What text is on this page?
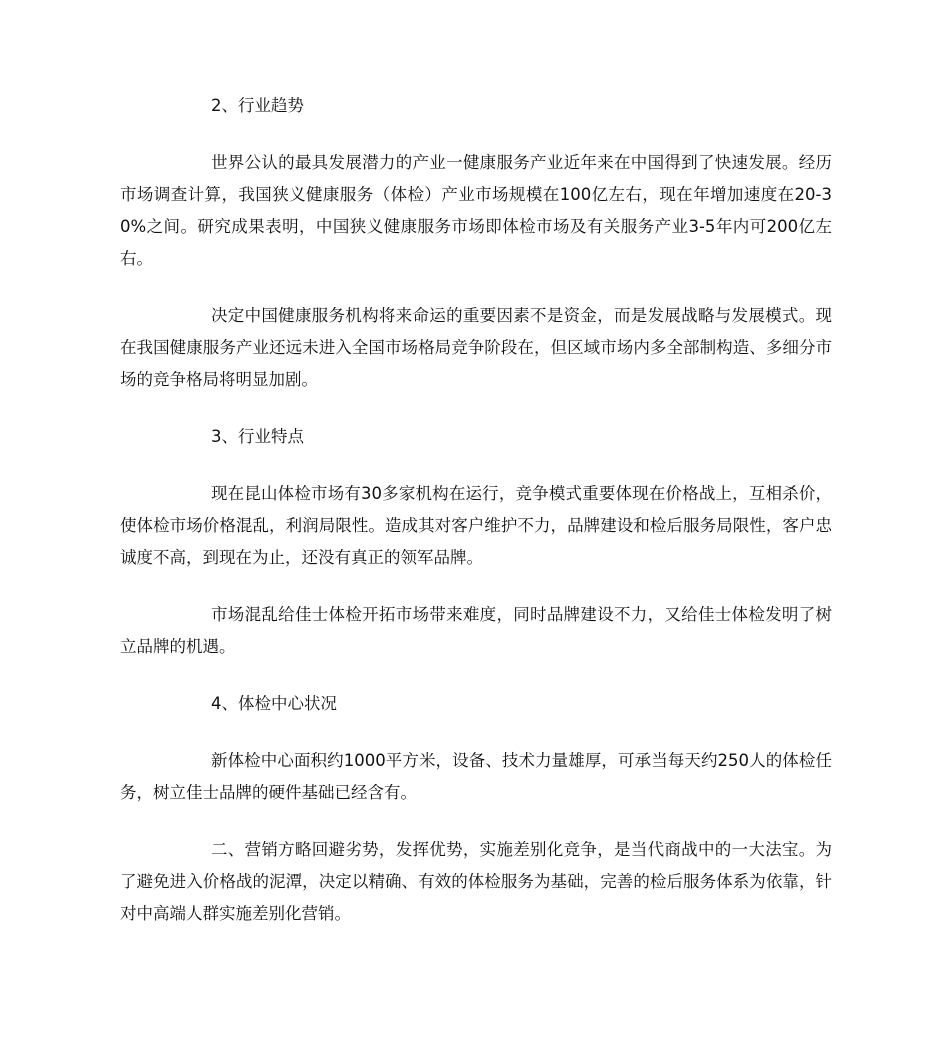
2、行业趋势

世界公认的最具发展潜力的产业一健康服务产业近年来在中国得到了快速发展。经历市场调查计算，我国狭义健康服务（体检）产业市场规模在100亿左右，现在年增加速度在20-30%之间。研究成果表明，中国狭义健康服务市场即体检市场及有关服务产业3-5年内可200亿左右。

决定中国健康服务机构将来命运的重要因素不是资金，而是发展战略与发展模式。现在我国健康服务产业还远未进入全国市场格局竞争阶段在，但区域市场内多全部制构造、多细分市场的竞争格局将明显加剧。

3、行业特点

现在昆山体检市场有30多家机构在运行，竞争模式重要体现在价格战上，互相杀价，使体检市场价格混乱，利润局限性。造成其对客户维护不力，品牌建设和检后服务局限性，客户忠诚度不高，到现在为止，还没有真正的领军品牌。

市场混乱给佳士体检开拓市场带来难度，同时品牌建设不力，又给佳士体检发明了树立品牌的机遇。

4、体检中心状况

新体检中心面积约1000平方米，设备、技术力量雄厚，可承当每天约250人的体检任务，树立佳士品牌的硬件基础已经含有。

二、营销方略回避劣势，发挥优势，实施差别化竞争，是当代商战中的一大法宝。为了避免进入价格战的泥潭，决定以精确、有效的体检服务为基础，完善的检后服务体系为依靠，针对中高端人群实施差别化营销。
